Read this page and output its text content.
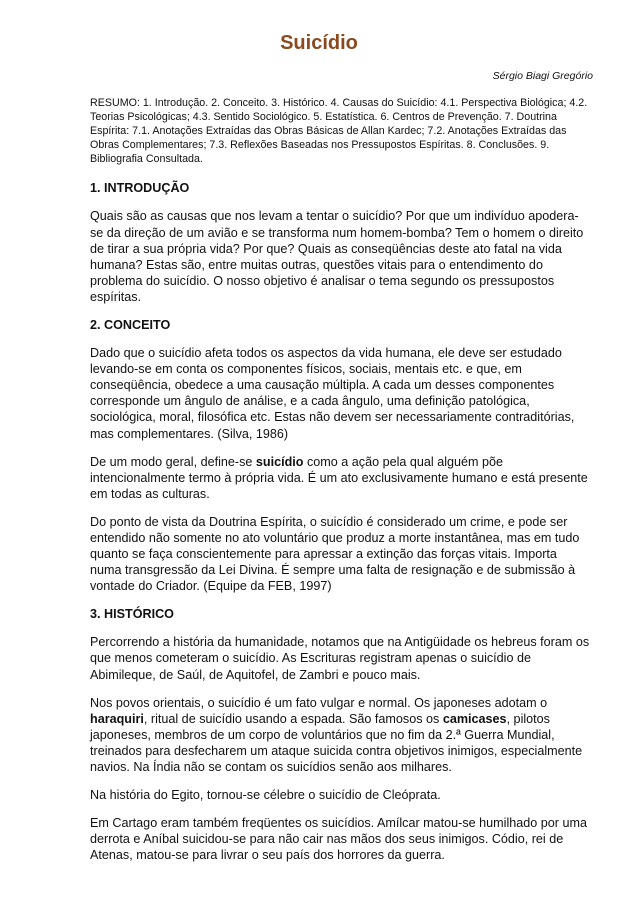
Suicídio
Sérgio Biagi Gregório

RESUMO: 1. Introdução. 2. Conceito. 3. Histórico. 4. Causas do Suicídio: 4.1. Perspectiva Biológica; 4.2. Teorias Psicológicas; 4.3. Sentido Sociológico. 5. Estatística. 6. Centros de Prevenção. 7. Doutrina Espírita: 7.1. Anotações Extraídas das Obras Básicas de Allan Kardec; 7.2. Anotações Extraídas das Obras Complementares; 7.3. Reflexões Baseadas nos Pressupostos Espíritas. 8. Conclusões. 9. Bibliografia Consultada.

1. INTRODUÇÃO

Quais são as causas que nos levam a tentar o suicídio? Por que um indivíduo apodera-se da direção de um avião e se transforma num homem-bomba? Tem o homem o direito de tirar a sua própria vida? Por que? Quais as conseqüências deste ato fatal na vida humana? Estas são, entre muitas outras, questões vitais para o entendimento do problema do suicídio. O nosso objetivo é analisar o tema segundo os pressupostos espíritas.

2. CONCEITO

Dado que o suicídio afeta todos os aspectos da vida humana, ele deve ser estudado levando-se em conta os componentes físicos, sociais, mentais etc. e que, em conseqüência, obedece a uma causação múltipla. A cada um desses componentes corresponde um ângulo de análise, e a cada ângulo, uma definição patológica, sociológica, moral, filosófica etc. Estas não devem ser necessariamente contraditórias, mas complementares. (Silva, 1986)

De um modo geral, define-se suicídio como a ação pela qual alguém põe intencionalmente termo à própria vida. É um ato exclusivamente humano e está presente em todas as culturas.

Do ponto de vista da Doutrina Espírita, o suicídio é considerado um crime, e pode ser entendido não somente no ato voluntário que produz a morte instantânea, mas em tudo quanto se faça conscientemente para apressar a extinção das forças vitais. Importa numa transgressão da Lei Divina. É sempre uma falta de resignação e de submissão à vontade do Criador. (Equipe da FEB, 1997)

3. HISTÓRICO

Percorrendo a história da humanidade, notamos que na Antigüidade os hebreus foram os que menos cometeram o suicídio. As Escrituras registram apenas o suicídio de Abimileque, de Saúl, de Aquitofel, de Zambri e pouco mais.

Nos povos orientais, o suicídio é um fato vulgar e normal. Os japoneses adotam o haraquiri, ritual de suicídio usando a espada. São famosos os camicases, pilotos japoneses, membros de um corpo de voluntários que no fim da 2.ª Guerra Mundial, treinados para desfecharem um ataque suicida contra objetivos inimigos, especialmente navios. Na Índia não se contam os suicídios senão aos milhares.

Na história do Egito, tornou-se célebre o suicídio de Cleóprata.

Em Cartago eram também freqüentes os suicídios. Amílcar matou-se humilhado por uma derrota e Aníbal suicidou-se para não cair nas mãos dos seus inimigos. Códio, rei de Atenas, matou-se para livrar o seu país dos horrores da guerra.
